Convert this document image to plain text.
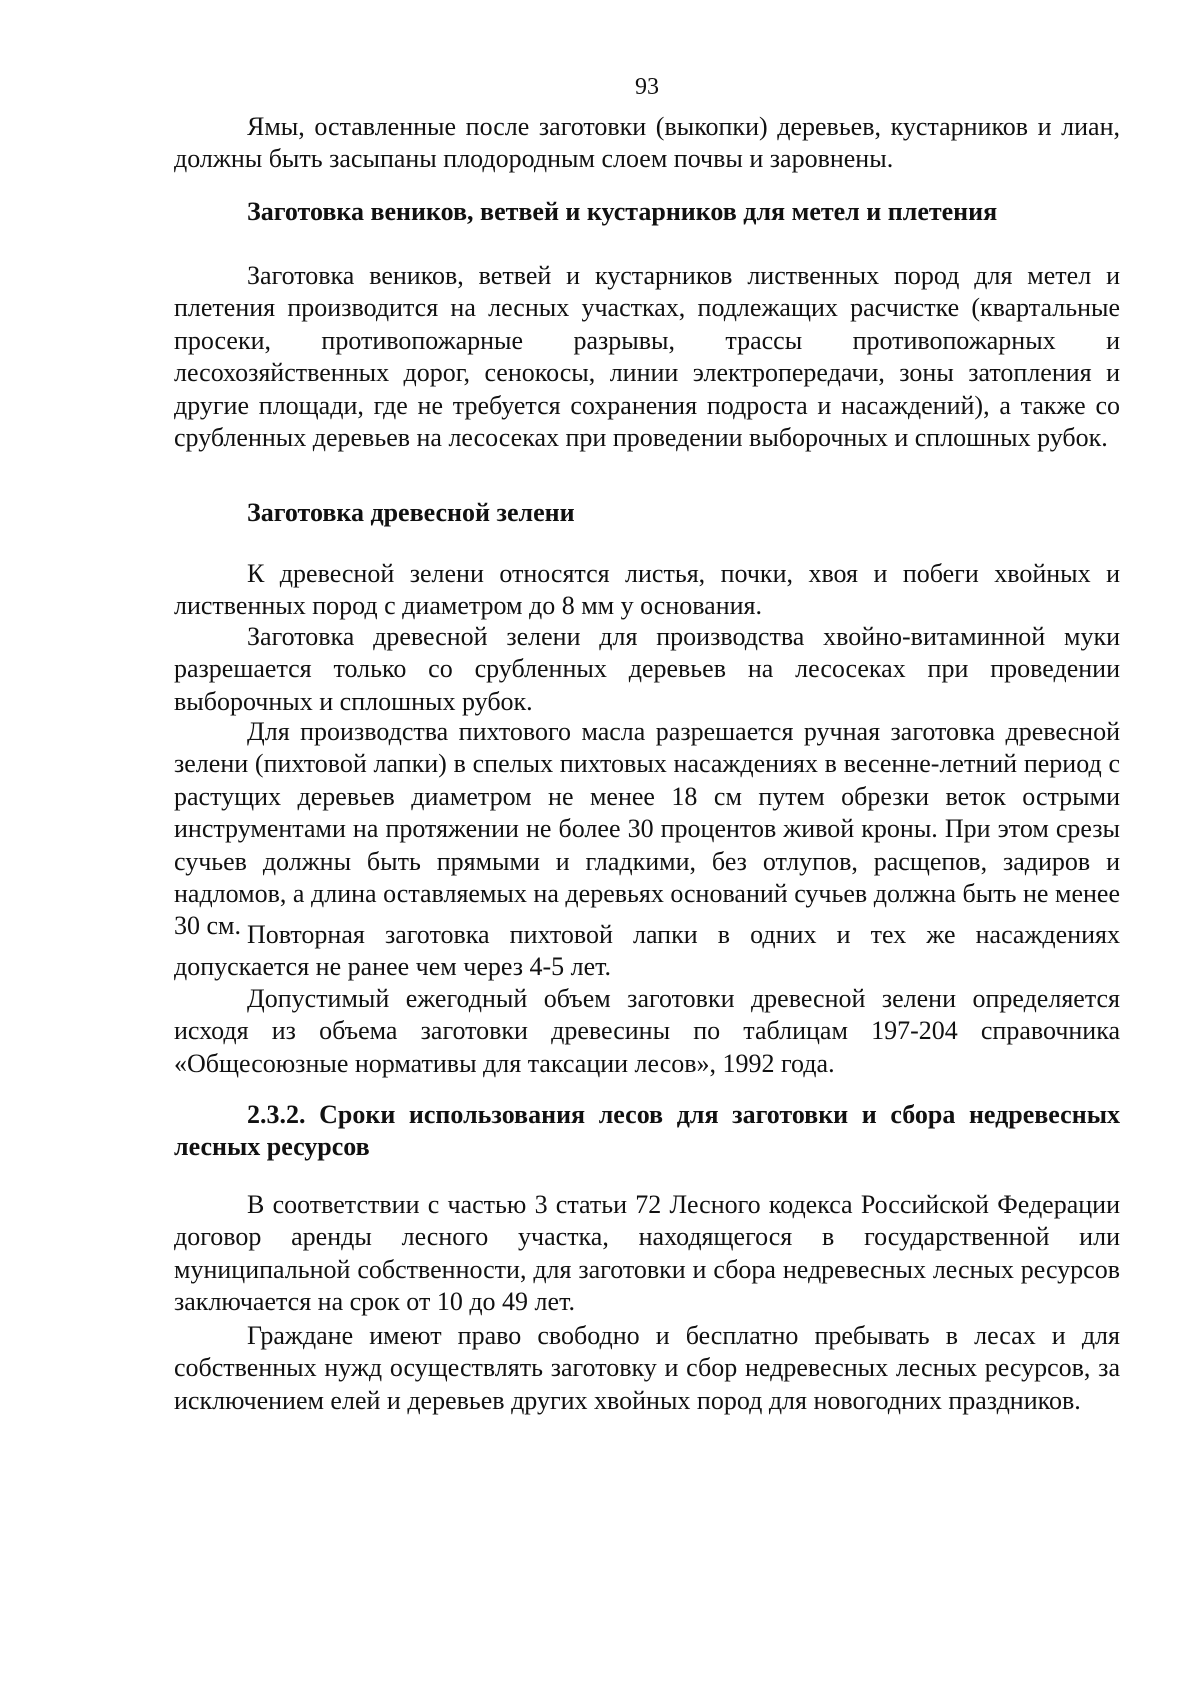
93

Ямы, оставленные после заготовки (выкопки) деревьев, кустарников и лиан, должны быть засыпаны плодородным слоем почвы и заровнены.

Заготовка веников, ветвей и кустарников для метел и плетения

Заготовка веников, ветвей и кустарников лиственных пород для метел и плетения производится на лесных участках, подлежащих расчистке (квартальные просеки, противопожарные разрывы, трассы противопожарных и лесохозяйственных дорог, сенокосы, линии электропередачи, зоны затопления и другие площади, где не требуется сохранения подроста и насаждений), а также со срубленных деревьев на лесосеках при проведении выборочных и сплошных рубок.

Заготовка древесной зелени

К древесной зелени относятся листья, почки, хвоя и побеги хвойных и лиственных пород с диаметром до 8 мм у основания.

Заготовка древесной зелени для производства хвойно-витаминной муки разрешается только со срубленных деревьев на лесосеках при проведении выборочных и сплошных рубок.

Для производства пихтового масла разрешается ручная заготовка древесной зелени (пихтовой лапки) в спелых пихтовых насаждениях в весенне-летний период с растущих деревьев диаметром не менее 18 см путем обрезки веток острыми инструментами на протяжении не более 30 процентов живой кроны. При этом срезы сучьев должны быть прямыми и гладкими, без отлупов, расщепов, задиров и надломов, а длина оставляемых на деревьях оснований сучьев должна быть не менее 30 см. Повторная заготовка пихтовой лапки в одних и тех же насаждениях допускается не ранее чем через 4-5 лет.

Допустимый ежегодный объем заготовки древесной зелени определяется исходя из объема заготовки древесины по таблицам 197-204 справочника «Общесоюзные нормативы для таксации лесов», 1992 года.

2.3.2. Сроки использования лесов для заготовки и сбора недревесных лесных ресурсов

В соответствии с частью 3 статьи 72 Лесного кодекса Российской Федерации договор аренды лесного участка, находящегося в государственной или муниципальной собственности, для заготовки и сбора недревесных лесных ресурсов заключается на срок от 10 до 49 лет.

Граждане имеют право свободно и бесплатно пребывать в лесах и для собственных нужд осуществлять заготовку и сбор недревесных лесных ресурсов, за исключением елей и деревьев других хвойных пород для новогодних праздников.
